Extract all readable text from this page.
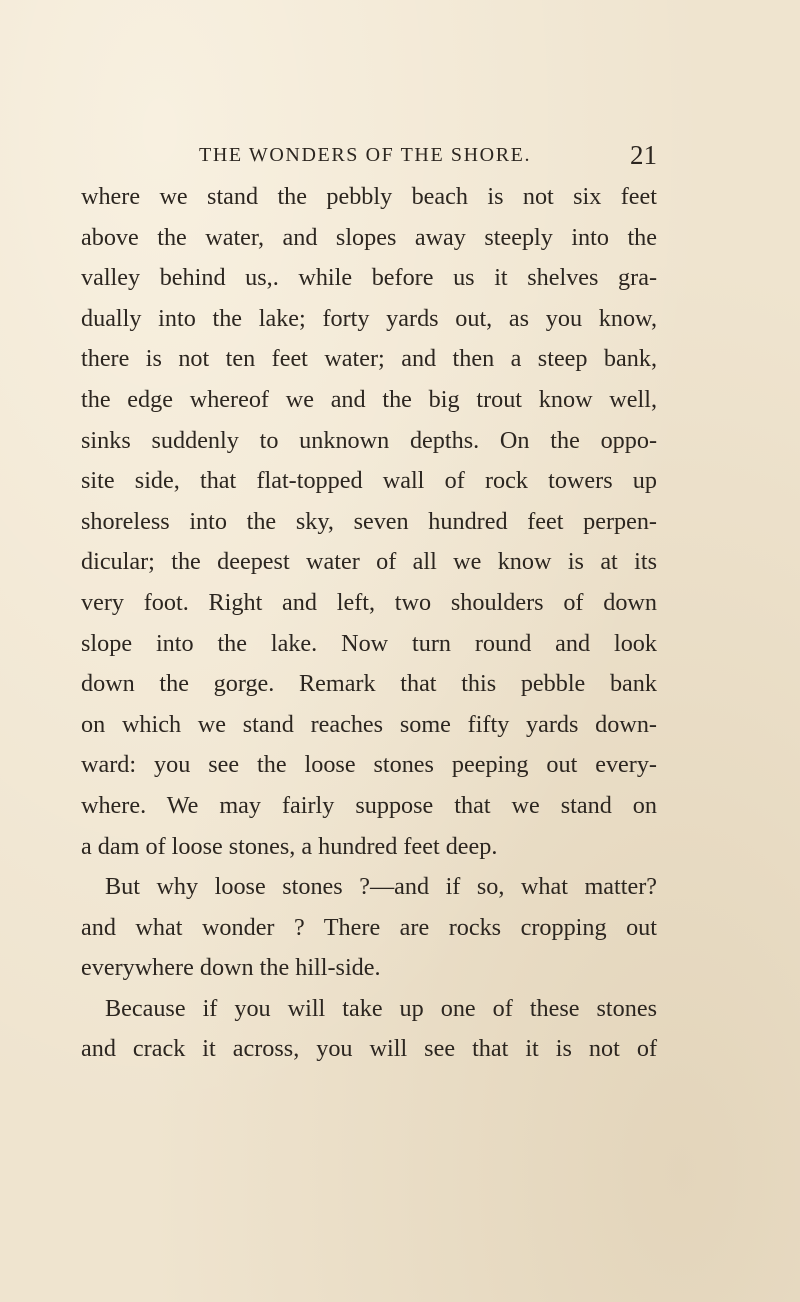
THE WONDERS OF THE SHORE.	21
where we stand the pebbly beach is not six feet
above the water, and slopes away steeply into the
valley behind us,. while before us it shelves gra-
dually into the lake; forty yards out, as you know,
there is not ten feet water; and then a steep bank,
the edge whereof we and the big trout know well,
sinks suddenly to unknown depths. On the oppo-
site side, that flat-topped wall of rock towers up
shoreless into the sky, seven hundred feet perpen-
dicular; the deepest water of all we know is at its
very foot. Right and left, two shoulders of down
slope into the lake. Now turn round and look
down the gorge. Remark that this pebble bank
on which we stand reaches some fifty yards down-
ward: you see the loose stones peeping out every-
where. We may fairly suppose that we stand on
a dam of loose stones, a hundred feet deep.
But why loose stones ?—and if so, what matter?
and what wonder ? There are rocks cropping out
everywhere down the hill-side.
Because if you will take up one of these stones
and crack it across, you will see that it is not of
